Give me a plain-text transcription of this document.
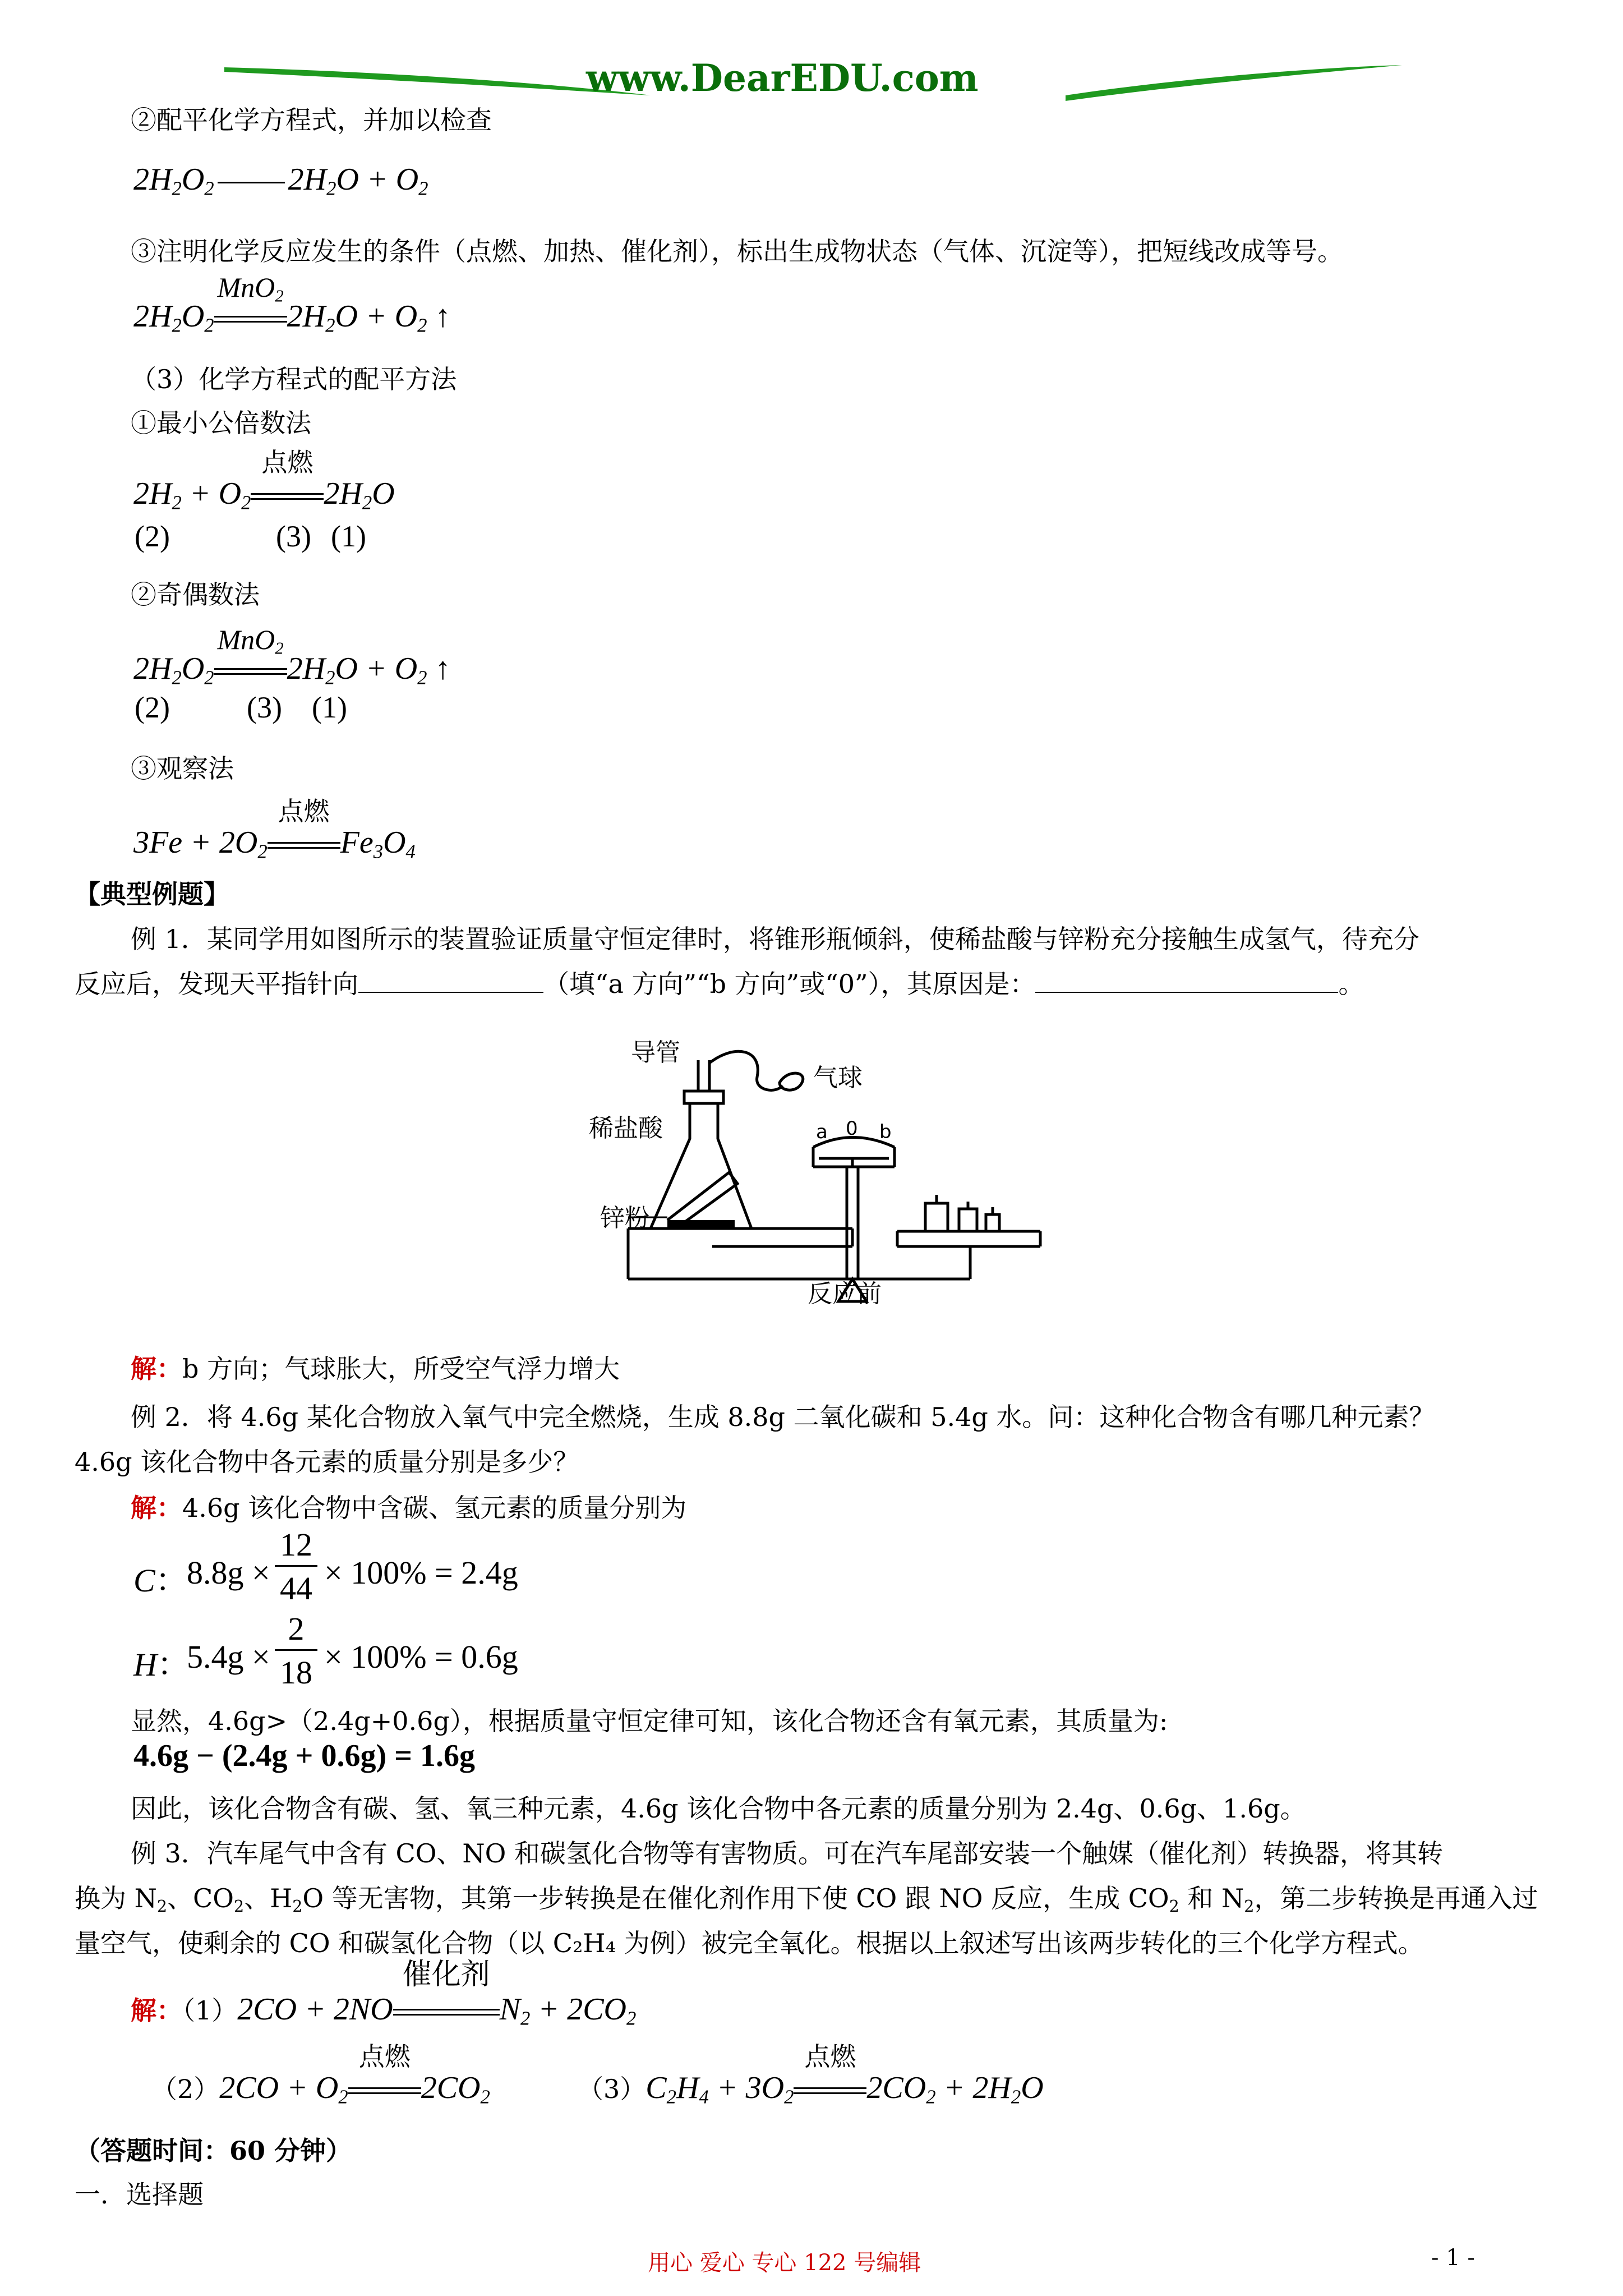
www.DearEDU.com
②配平化学方程式，并加以检查
$2H_2O_2$ $2H_2O + O_2$
③注明化学反应发生的条件（点燃、加热、催化剂），标出生成物状态（气体、沉淀等），把短线改成等号。
$2H_2O_2$
MnO$_2$
$2H_2O + O_2$ ↑
（3）化学方程式的配平方法
①最小公倍数法
$2H_2 + O_2$
点燃
$2H_2O$
(2)	(3) (1)
②奇偶数法
$2H_2O_2$
MnO$_2$
$2H_2O + O_2$ ↑
(2)	(3) (1)
③观察法
$3Fe + 2O_2$
点燃
$Fe_3O_4$
【典型例题】
例 1．某同学用如图所示的装置验证质量守恒定律时，将锥形瓶倾斜，使稀盐酸与锌粉充分接触生成氢气，待充分
反应后，发现天平指针向	（填“a 方向”“b 方向”或“0”），其原因是：	。
导管
气球
稀盐酸
锌粉
反应前
a 0 b
解：b 方向；气球胀大，所受空气浮力增大
例 2．将 4.6g 某化合物放入氧气中完全燃烧，生成 8.8g 二氧化碳和 5.4g 水。问：这种化合物含有哪几种元素？
4.6g 该化合物中各元素的质量分别是多少？
解：4.6g 该化合物中含碳、氢元素的质量分别为
C：
8.8g ×
12
44 × 100% = 2.4g
H：
5.4g ×
2
18 × 100% = 0.6g
显然，4.6g>（2.4g+0.6g），根据质量守恒定律可知，该化合物还含有氧元素，其质量为:
4.6g − (2.4g + 0.6g) = 1.6g
因此，该化合物含有碳、氢、氧三种元素，4.6g 该化合物中各元素的质量分别为 2.4g、0.6g、1.6g。
例 3．汽车尾气中含有 CO、NO 和碳氢化合物等有害物质。可在汽车尾部安装一个触媒（催化剂）转换器，将其转
换为 $N_2$、$CO_2$、$H_2O$ 等无害物，其第一步转换是在催化剂作用下使 CO 跟 NO 反应，生成 $CO_2$ 和 $N_2$，第二步转换是再通入过
量空气，使剩余的 CO 和碳氢化合物（以 C₂H₄ 为例）被完全氧化。根据以上叙述写出该两步转化的三个化学方程式。
解：（1）2CO + 2NO
催化剂
$N_2 + 2CO_2$
$(2)2CO + O_2$
点燃
$2CO_2$	$(3)C_2H_4 + 3O_2$
点燃
$2CO_2 + 2H_2O$
（答题时间：60 分钟）
一．选择题
用心 爱心 专心 122 号编辑	- 1 -
